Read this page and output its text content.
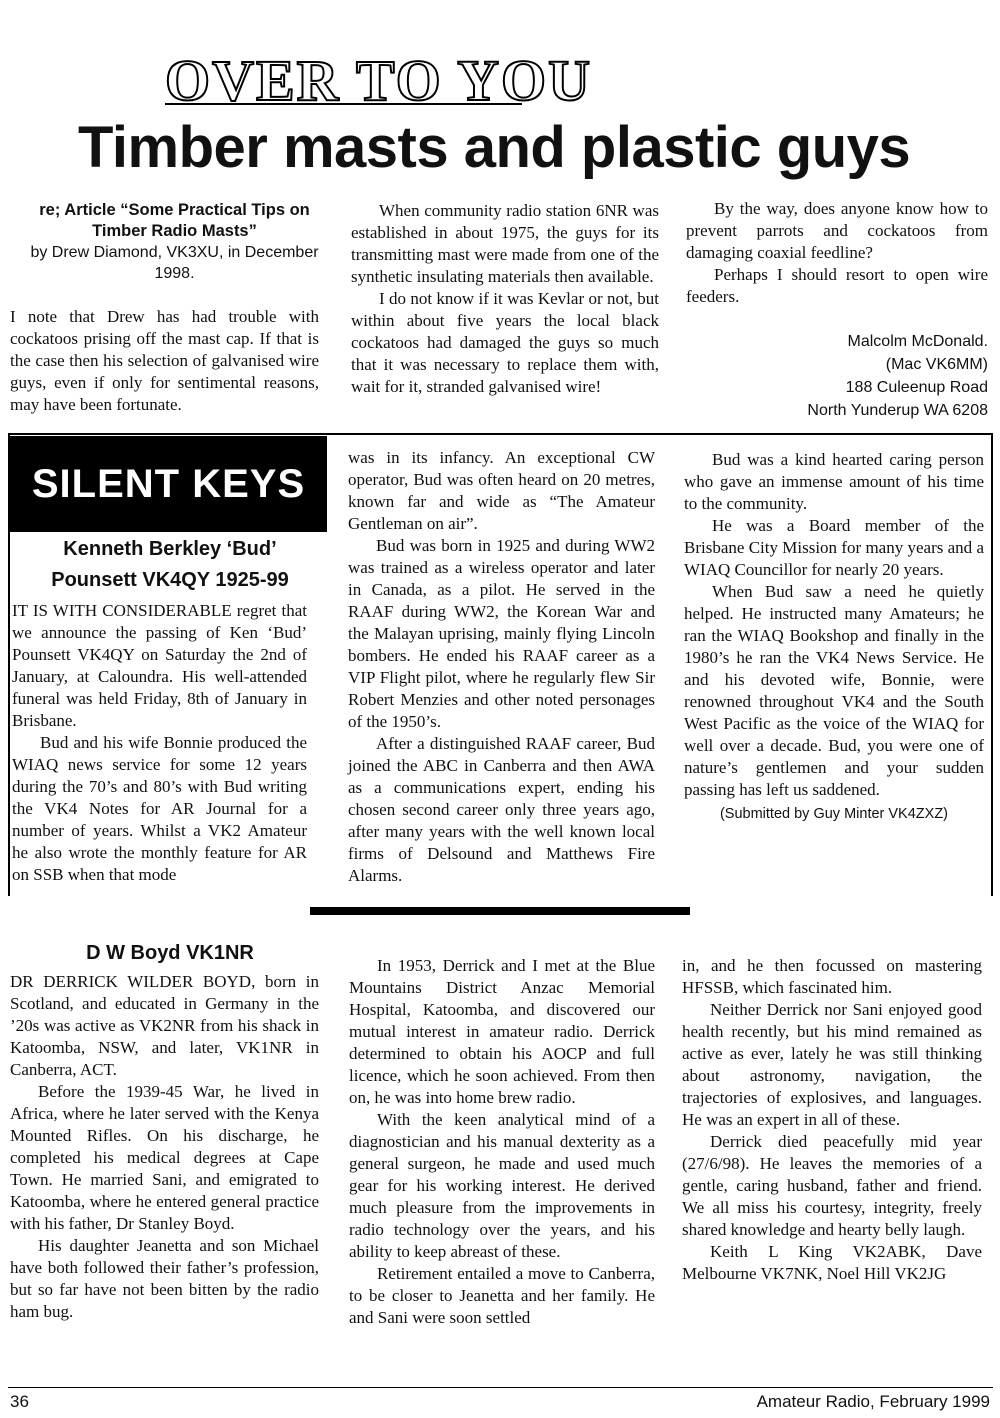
OVER TO YOU
Timber masts and plastic guys
re; Article “Some Practical Tips on Timber Radio Masts”
by Drew Diamond, VK3XU, in December 1998.

I note that Drew has had trouble with cockatoos prising off the mast cap. If that is the case then his selection of galvanised wire guys, even if only for sentimental reasons, may have been fortunate.

When community radio station 6NR was established in about 1975, the guys for its transmitting mast were made from one of the synthetic insulating materials then available.

I do not know if it was Kevlar or not, but within about five years the local black cockatoos had damaged the guys so much that it was necessary to replace them with, wait for it, stranded galvanised wire!

By the way, does anyone know how to prevent parrots and cockatoos from damaging coaxial feedline?

Perhaps I should resort to open wire feeders.

Malcolm McDonald.
(Mac VK6MM)
188 Culeenup Road
North Yunderup WA 6208
SILENT KEYS
Kenneth Berkley ‘Bud’
Pounsett VK4QY 1925-99

IT IS WITH CONSIDERABLE regret that we announce the passing of Ken ‘Bud’ Pounsett VK4QY on Saturday the 2nd of January, at Caloundra. His well-attended funeral was held Friday, 8th of January in Brisbane.

Bud and his wife Bonnie produced the WIAQ news service for some 12 years during the 70’s and 80’s with Bud writing the VK4 Notes for AR Journal for a number of years. Whilst a VK2 Amateur he also wrote the monthly feature for AR on SSB when that mode

was in its infancy. An exceptional CW operator, Bud was often heard on 20 metres, known far and wide as “The Amateur Gentleman on air”.

Bud was born in 1925 and during WW2 was trained as a wireless operator and later in Canada, as a pilot. He served in the RAAF during WW2, the Korean War and the Malayan uprising, mainly flying Lincoln bombers. He ended his RAAF career as a VIP Flight pilot, where he regularly flew Sir Robert Menzies and other noted personages of the 1950’s.

After a distinguished RAAF career, Bud joined the ABC in Canberra and then AWA as a communications expert, ending his chosen second career only three years ago, after many years with the well known local firms of Delsound and Matthews Fire Alarms.

Bud was a kind hearted caring person who gave an immense amount of his time to the community.

He was a Board member of the Brisbane City Mission for many years and a WIAQ Councillor for nearly 20 years.

When Bud saw a need he quietly helped. He instructed many Amateurs; he ran the WIAQ Bookshop and finally in the 1980’s he ran the VK4 News Service. He and his devoted wife, Bonnie, were renowned throughout VK4 and the South West Pacific as the voice of the WIAQ for well over a decade. Bud, you were one of nature’s gentlemen and your sudden passing has left us saddened.

(Submitted by Guy Minter VK4ZXZ)

D W Boyd VK1NR

DR DERRICK WILDER BOYD, born in Scotland, and educated in Germany in the ’20s was active as VK2NR from his shack in Katoomba, NSW, and later, VK1NR in Canberra, ACT.

Before the 1939-45 War, he lived in Africa, where he later served with the Kenya Mounted Rifles. On his discharge, he completed his medical degrees at Cape Town. He married Sani, and emigrated to Katoomba, where he entered general practice with his father, Dr Stanley Boyd.

His daughter Jeanetta and son Michael have both followed their father’s profession, but so far have not been bitten by the radio ham bug.

In 1953, Derrick and I met at the Blue Mountains District Anzac Memorial Hospital, Katoomba, and discovered our mutual interest in amateur radio. Derrick determined to obtain his AOCP and full licence, which he soon achieved. From then on, he was into home brew radio.

With the keen analytical mind of a diagnostician and his manual dexterity as a general surgeon, he made and used much gear for his working interest. He derived much pleasure from the improvements in radio technology over the years, and his ability to keep abreast of these.

Retirement entailed a move to Canberra, to be closer to Jeanetta and her family. He and Sani were soon settled

in, and he then focussed on mastering HFSSB, which fascinated him.

Neither Derrick nor Sani enjoyed good health recently, but his mind remained as active as ever, lately he was still thinking about astronomy, navigation, the trajectories of explosives, and languages. He was an expert in all of these.

Derrick died peacefully mid year (27/6/98). He leaves the memories of a gentle, caring husband, father and friend. We all miss his courtesy, integrity, freely shared knowledge and hearty belly laugh.

Keith L King VK2ABK, Dave Melbourne VK7NK, Noel Hill VK2JG

36	Amateur Radio, February 1999
